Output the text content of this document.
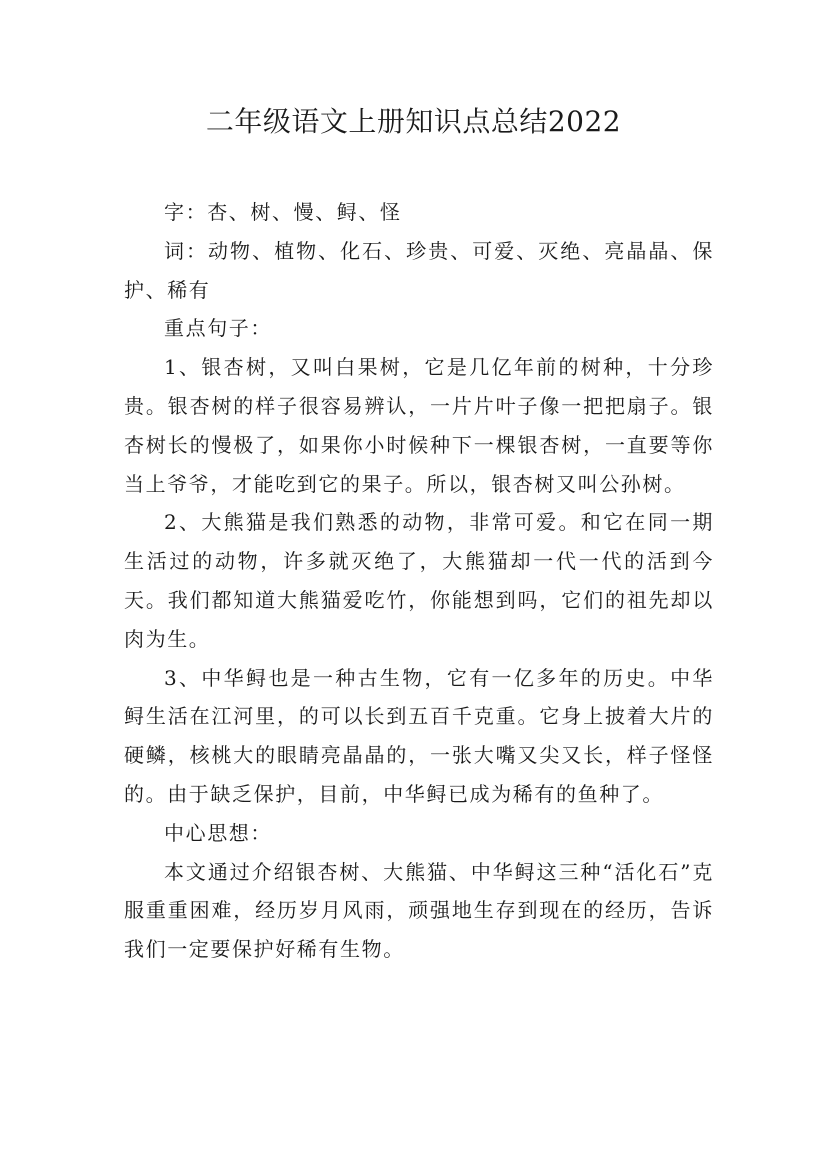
二年级语文上册知识点总结2022

字：杏、树、慢、鲟、怪

词：动物、植物、化石、珍贵、可爱、灭绝、亮晶晶、保护、稀有

重点句子：

1、银杏树，又叫白果树，它是几亿年前的树种，十分珍贵。银杏树的样子很容易辨认，一片片叶子像一把把扇子。银杏树长的慢极了，如果你小时候种下一棵银杏树，一直要等你当上爷爷，才能吃到它的果子。所以，银杏树又叫公孙树。

2、大熊猫是我们熟悉的动物，非常可爱。和它在同一期生活过的动物，许多就灭绝了，大熊猫却一代一代的活到今天。我们都知道大熊猫爱吃竹，你能想到吗，它们的祖先却以肉为生。

3、中华鲟也是一种古生物，它有一亿多年的历史。中华鲟生活在江河里，的可以长到五百千克重。它身上披着大片的硬鳞，核桃大的眼睛亮晶晶的，一张大嘴又尖又长，样子怪怪的。由于缺乏保护，目前，中华鲟已成为稀有的鱼种了。

中心思想：

本文通过介绍银杏树、大熊猫、中华鲟这三种“活化石”克服重重困难，经历岁月风雨，顽强地生存到现在的经历，告诉我们一定要保护好稀有生物。
